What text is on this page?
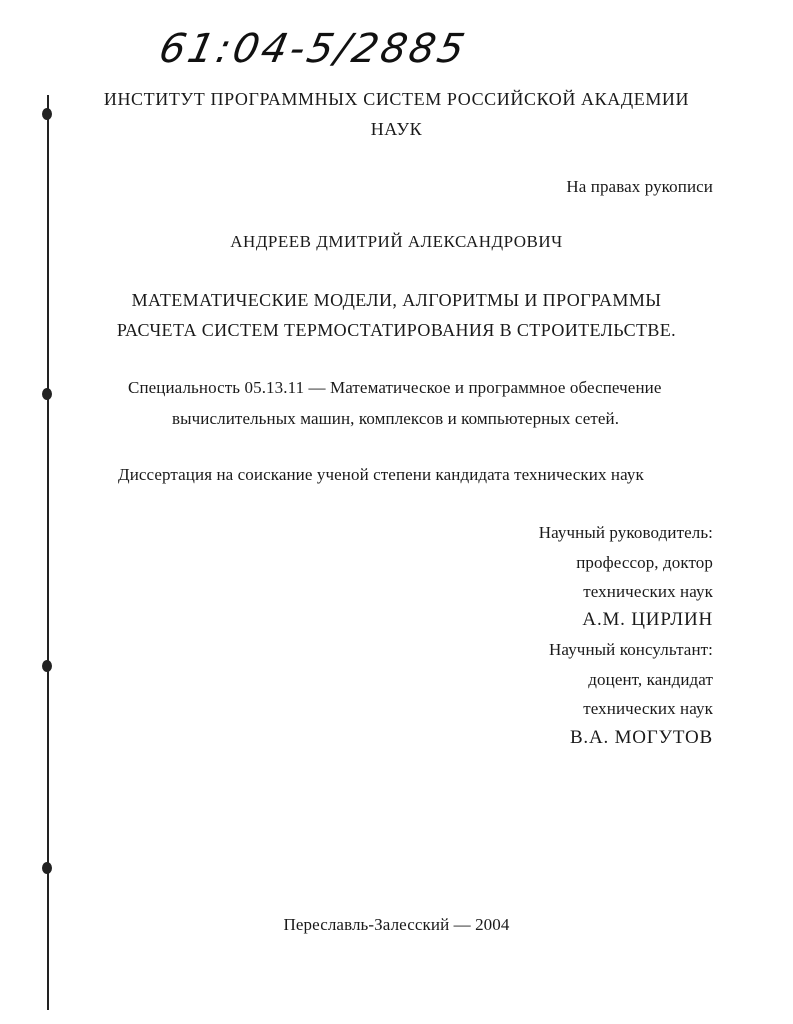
61:04-5/2885
ИНСТИТУТ ПРОГРАММНЫХ СИСТЕМ РОССИЙСКОЙ АКАДЕМИИ
НАУК
На правах рукописи
АНДРЕЕВ ДМИТРИЙ АЛЕКСАНДРОВИЧ
МАТЕМАТИЧЕСКИЕ МОДЕЛИ, АЛГОРИТМЫ И ПРОГРАММЫ
РАСЧЕТА СИСТЕМ ТЕРМОСТАТИРОВАНИЯ В СТРОИТЕЛЬСТВЕ.
Специальность 05.13.11 — Математическое и программное обеспечение
вычислительных машин, комплексов и компьютерных сетей.
Диссертация на соискание ученой степени кандидата технических наук
Научный руководитель:
профессор, доктор
технических наук
А.М. ЦИРЛИН
Научный консультант:
доцент, кандидат
технических наук
В.А. МОГУТОВ
Переславль-Залесский — 2004
